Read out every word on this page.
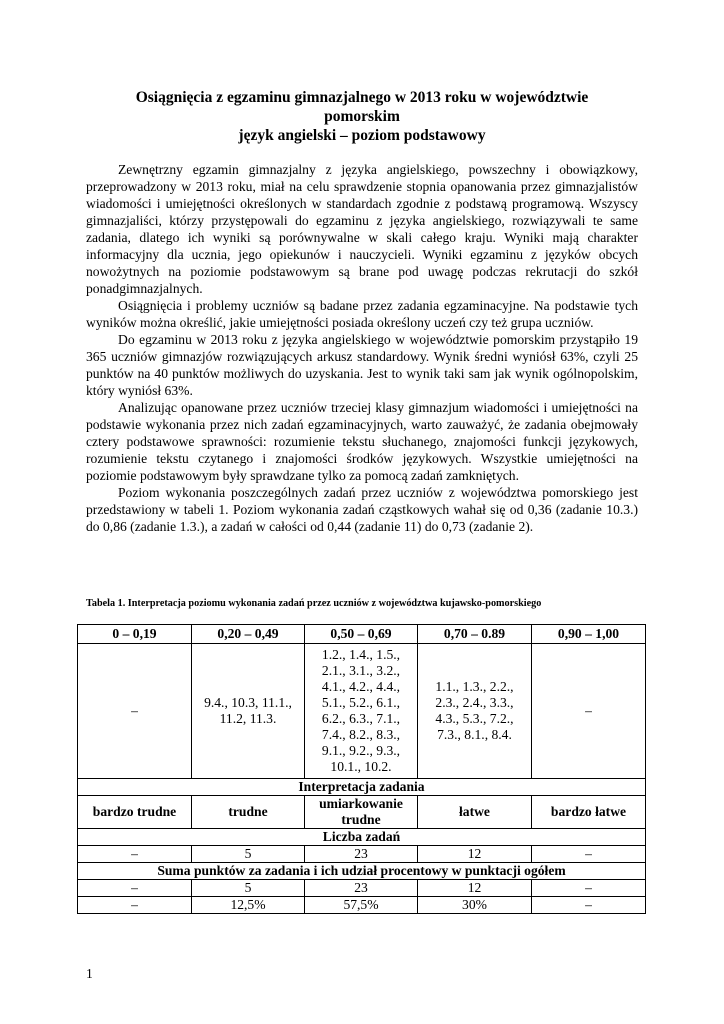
Osiągnięcia z egzaminu gimnazjalnego w 2013 roku w województwie
pomorskim
język angielski – poziom podstawowy

Zewnętrzny egzamin gimnazjalny z języka angielskiego, powszechny i obowiązkowy, przeprowadzony w 2013 roku, miał na celu sprawdzenie stopnia opanowania przez gimnazjalistów wiadomości i umiejętności określonych w standardach zgodnie z podstawą programową. Wszyscy gimnazjaliści, którzy przystępowali do egzaminu z języka angielskiego, rozwiązywali te same zadania, dlatego ich wyniki są porównywalne w skali całego kraju. Wyniki mają charakter informacyjny dla ucznia, jego opiekunów i nauczycieli. Wyniki egzaminu z języków obcych nowożytnych na poziomie podstawowym są brane pod uwagę podczas rekrutacji do szkół ponadgimnazjalnych.

Osiągnięcia i problemy uczniów są badane przez zadania egzaminacyjne. Na podstawie tych wyników można określić, jakie umiejętności posiada określony uczeń czy też grupa uczniów.

Do egzaminu w 2013 roku z języka angielskiego w województwie pomorskim przystąpiło 19 365 uczniów gimnazjów rozwiązujących arkusz standardowy. Wynik średni wyniósł 63%, czyli 25 punktów na 40 punktów możliwych do uzyskania. Jest to wynik taki sam jak wynik ogólnopolskim, który wyniósł 63%.

Analizując opanowane przez uczniów trzeciej klasy gimnazjum wiadomości i umiejętności na podstawie wykonania przez nich zadań egzaminacyjnych, warto zauważyć, że zadania obejmowały cztery podstawowe sprawności: rozumienie tekstu słuchanego, znajomości funkcji językowych, rozumienie tekstu czytanego i znajomości środków językowych. Wszystkie umiejętności na poziomie podstawowym były sprawdzane tylko za pomocą zadań zamkniętych.

Poziom wykonania poszczególnych zadań przez uczniów z województwa pomorskiego jest przedstawiony w tabeli 1. Poziom wykonania zadań cząstkowych wahał się od 0,36 (zadanie 10.3.) do 0,86 (zadanie 1.3.), a zadań w całości od 0,44 (zadanie 11) do 0,73 (zadanie 2).

Tabela 1. Interpretacja poziomu wykonania zadań przez uczniów z województwa kujawsko-pomorskiego
0 – 0,19	0,20 – 0,49	0,50 – 0,69	0,70 – 0.89	0,90 – 1,00
–	9.4., 10.3, 11.1., 11.2, 11.3.	1.2., 1.4., 1.5., 2.1., 3.1., 3.2., 4.1., 4.2., 4.4., 5.1., 5.2., 6.1., 6.2., 6.3., 7.1., 7.4., 8.2., 8.3., 9.1., 9.2., 9.3., 10.1., 10.2.	1.1., 1.3., 2.2., 2.3., 2.4., 3.3., 4.3., 5.3., 7.2., 7.3., 8.1., 8.4.	–
Interpretacja zadania				
bardzo trudne	trudne	umiarkowanie trudne	łatwe	bardzo łatwe
Liczba zadań				
–	5	23	12	–
Suma punktów za zadania i ich udział procentowy w punktacji ogółem				
–	5	23	12	–
–	12,5%	57,5%	30%	–
1
